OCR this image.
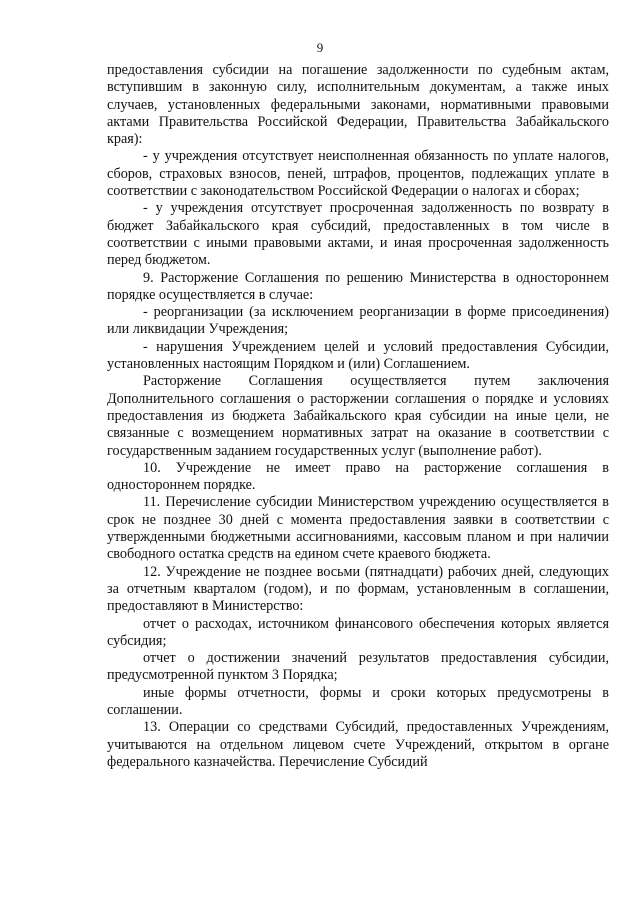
9

предоставления субсидии на погашение задолженности по судебным актам, вступившим в законную силу, исполнительным документам, а также иных случаев, установленных федеральными законами, нормативными правовыми актами Правительства Российской Федерации, Правительства Забайкальского края):

- у учреждения отсутствует неисполненная обязанность по уплате налогов, сборов, страховых взносов, пеней, штрафов, процентов, подлежащих уплате в соответствии с законодательством Российской Федерации о налогах и сборах;

- у учреждения отсутствует просроченная задолженность по возврату в бюджет Забайкальского края субсидий, предоставленных в том числе в соответствии с иными правовыми актами, и иная просроченная задолженность перед бюджетом.

9. Расторжение Соглашения по решению Министерства в одностороннем порядке осуществляется в случае:

- реорганизации (за исключением реорганизации в форме присоединения) или ликвидации Учреждения;

- нарушения Учреждением целей и условий предоставления Субсидии, установленных настоящим Порядком и (или) Соглашением.

Расторжение Соглашения осуществляется путем заключения Дополнительного соглашения о расторжении соглашения о порядке и условиях предоставления из бюджета Забайкальского края субсидии на иные цели, не связанные с возмещением нормативных затрат на оказание в соответствии с государственным заданием государственных услуг (выполнение работ).

10. Учреждение не имеет право на расторжение соглашения в одностороннем порядке.

11. Перечисление субсидии Министерством учреждению осуществляется в срок не позднее 30 дней с момента предоставления заявки в соответствии с утвержденными бюджетными ассигнованиями, кассовым планом и при наличии свободного остатка средств на едином счете краевого бюджета.

12. Учреждение не позднее восьми (пятнадцати) рабочих дней, следующих за отчетным кварталом (годом), и по формам, установленным в соглашении, предоставляют в Министерство:

отчет о расходах, источником финансового обеспечения которых является субсидия;

отчет о достижении значений результатов предоставления субсидии, предусмотренной пунктом 3 Порядка;

иные формы отчетности, формы и сроки которых предусмотрены в соглашении.

13. Операции со средствами Субсидий, предоставленных Учреждениям, учитываются на отдельном лицевом счете Учреждений, открытом в органе федерального казначейства. Перечисление Субсидий
